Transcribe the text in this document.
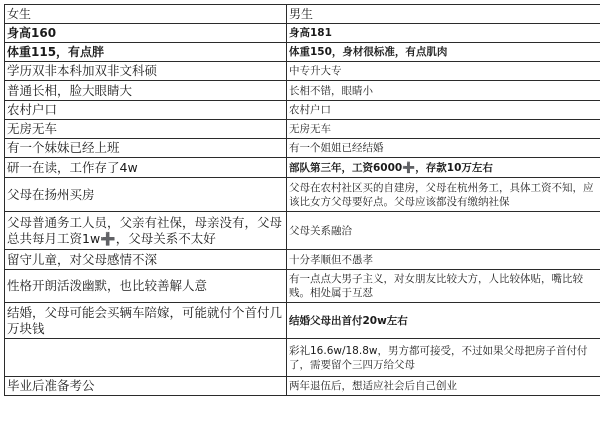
女生	男生
身高160	身高181
体重115，有点胖	体重150，身材很标准，有点肌肉
学历双非本科加双非文科硕	中专升大专
普通长相，脸大眼睛大	长相不错，眼睛小
农村户口	农村户口
无房无车	无房无车
有一个妹妹已经上班	有一个姐姐已经结婚
研一在读，工作存了4w	部队第三年，工资6000➕，存款10万左右
父母在扬州买房	父母在农村社区买的自建房，父母在杭州务工，具体工资不知，应该比女方父母要好点。父母应该都没有缴纳社保
父母普通务工人员，父亲有社保，母亲没有，父母总共每月工资1w➕，父母关系不太好	父母关系融洽
留守儿童，对父母感情不深	十分孝顺但不愚孝
性格开朗活泼幽默，也比较善解人意	有一点点大男子主义，对女朋友比较大方，人比较体贴，嘴比较贱。相处属于互怼
结婚，父母可能会买辆车陪嫁，可能就付个首付几万块钱	结婚父母出首付20w左右
	彩礼16.6w/18.8w，男方都可接受，不过如果父母把房子首付付了，需要留个三四万给父母
毕业后准备考公	两年退伍后，想适应社会后自己创业
